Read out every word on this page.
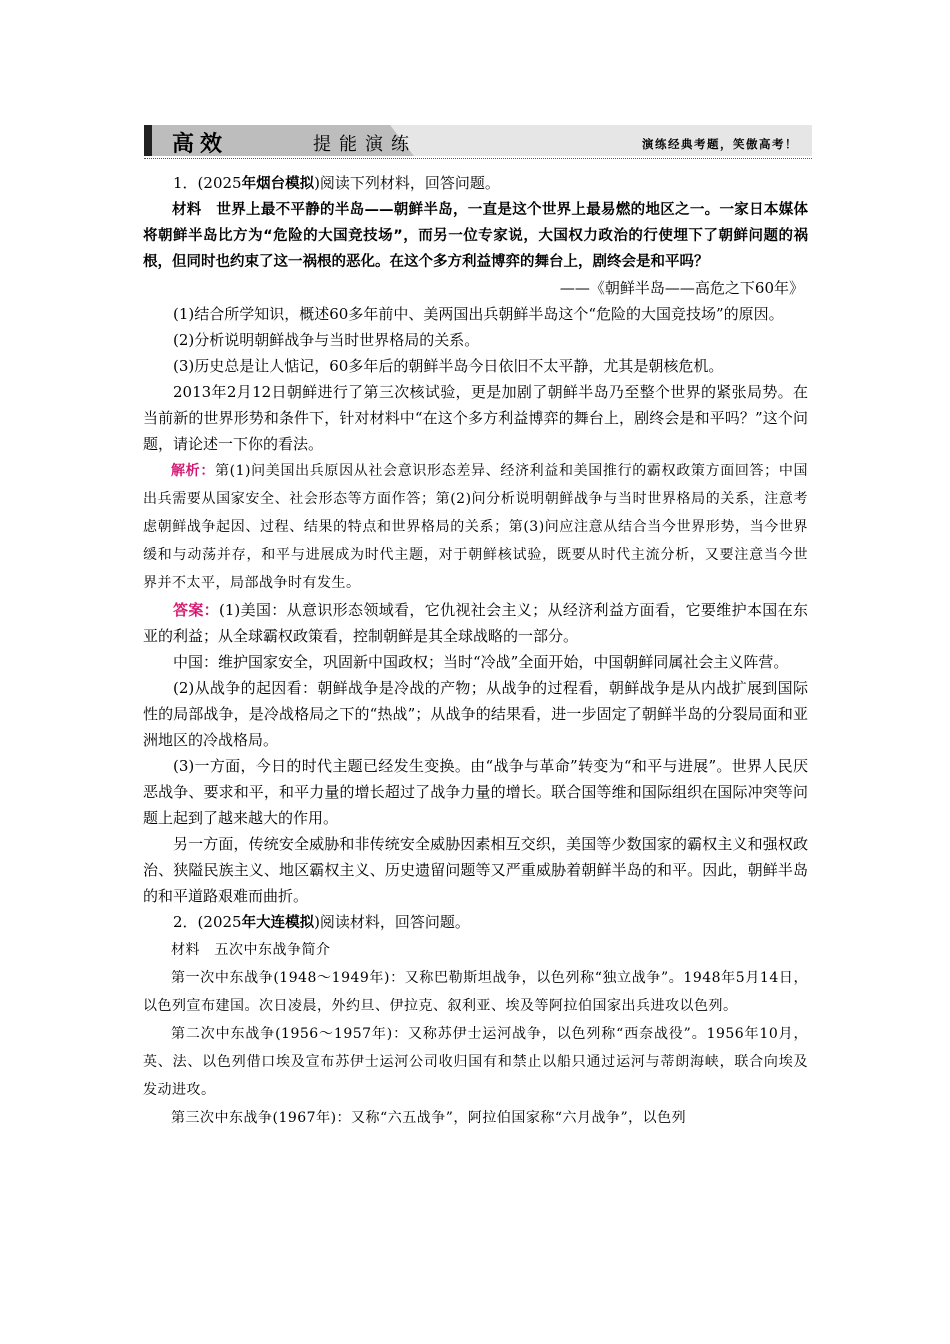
高效	提能演练	演练经典考题，笑傲高考！

1．(2025年烟台模拟)阅读下列材料，回答问题。

材料　世界上最不平静的半岛——朝鲜半岛，一直是这个世界上最易燃的地区之一。一家日本媒体将朝鲜半岛比方为“危险的大国竞技场”，而另一位专家说，大国权力政治的行使埋下了朝鲜问题的祸根，但同时也约束了这一祸根的恶化。在这个多方利益博弈的舞台上，剧终会是和平吗？

——《朝鲜半岛——高危之下60年》

(1)结合所学知识，概述60多年前中、美两国出兵朝鲜半岛这个“危险的大国竞技场”的原因。

(2)分析说明朝鲜战争与当时世界格局的关系。

(3)历史总是让人惦记，60多年后的朝鲜半岛今日依旧不太平静，尤其是朝核危机。

2013年2月12日朝鲜进行了第三次核试验，更是加剧了朝鲜半岛乃至整个世界的紧张局势。在当前新的世界形势和条件下，针对材料中“在这个多方利益博弈的舞台上，剧终会是和平吗？”这个问题，请论述一下你的看法。

解析：第(1)问美国出兵原因从社会意识形态差异、经济利益和美国推行的霸权政策方面回答；中国出兵需要从国家安全、社会形态等方面作答；第(2)问分析说明朝鲜战争与当时世界格局的关系，注意考虑朝鲜战争起因、过程、结果的特点和世界格局的关系；第(3)问应注意从结合当今世界形势，当今世界缓和与动荡并存，和平与进展成为时代主题，对于朝鲜核试验，既要从时代主流分析，又要注意当今世界并不太平，局部战争时有发生。

答案：(1)美国：从意识形态领域看，它仇视社会主义；从经济利益方面看，它要维护本国在东亚的利益；从全球霸权政策看，控制朝鲜是其全球战略的一部分。

中国：维护国家安全，巩固新中国政权；当时“冷战”全面开始，中国朝鲜同属社会主义阵营。

(2)从战争的起因看：朝鲜战争是冷战的产物；从战争的过程看，朝鲜战争是从内战扩展到国际性的局部战争，是冷战格局之下的“热战”；从战争的结果看，进一步固定了朝鲜半岛的分裂局面和亚洲地区的冷战格局。

(3)一方面，今日的时代主题已经发生变换。由“战争与革命”转变为“和平与进展”。世界人民厌恶战争、要求和平，和平力量的增长超过了战争力量的增长。联合国等维和国际组织在国际冲突等问题上起到了越来越大的作用。

另一方面，传统安全威胁和非传统安全威胁因素相互交织，美国等少数国家的霸权主义和强权政治、狭隘民族主义、地区霸权主义、历史遗留问题等又严重威胁着朝鲜半岛的和平。因此，朝鲜半岛的和平道路艰难而曲折。

2．(2025年大连模拟)阅读材料，回答问题。

材料　五次中东战争简介

第一次中东战争(1948～1949年)：又称巴勒斯坦战争，以色列称“独立战争”。1948年5月14日，以色列宣布建国。次日凌晨，外约旦、伊拉克、叙利亚、埃及等阿拉伯国家出兵进攻以色列。

第二次中东战争(1956～1957年)：又称苏伊士运河战争，以色列称“西奈战役”。1956年10月，英、法、以色列借口埃及宣布苏伊士运河公司收归国有和禁止以船只通过运河与蒂朗海峡，联合向埃及发动进攻。

第三次中东战争(1967年)：又称“六五战争”，阿拉伯国家称“六月战争”，以色列
